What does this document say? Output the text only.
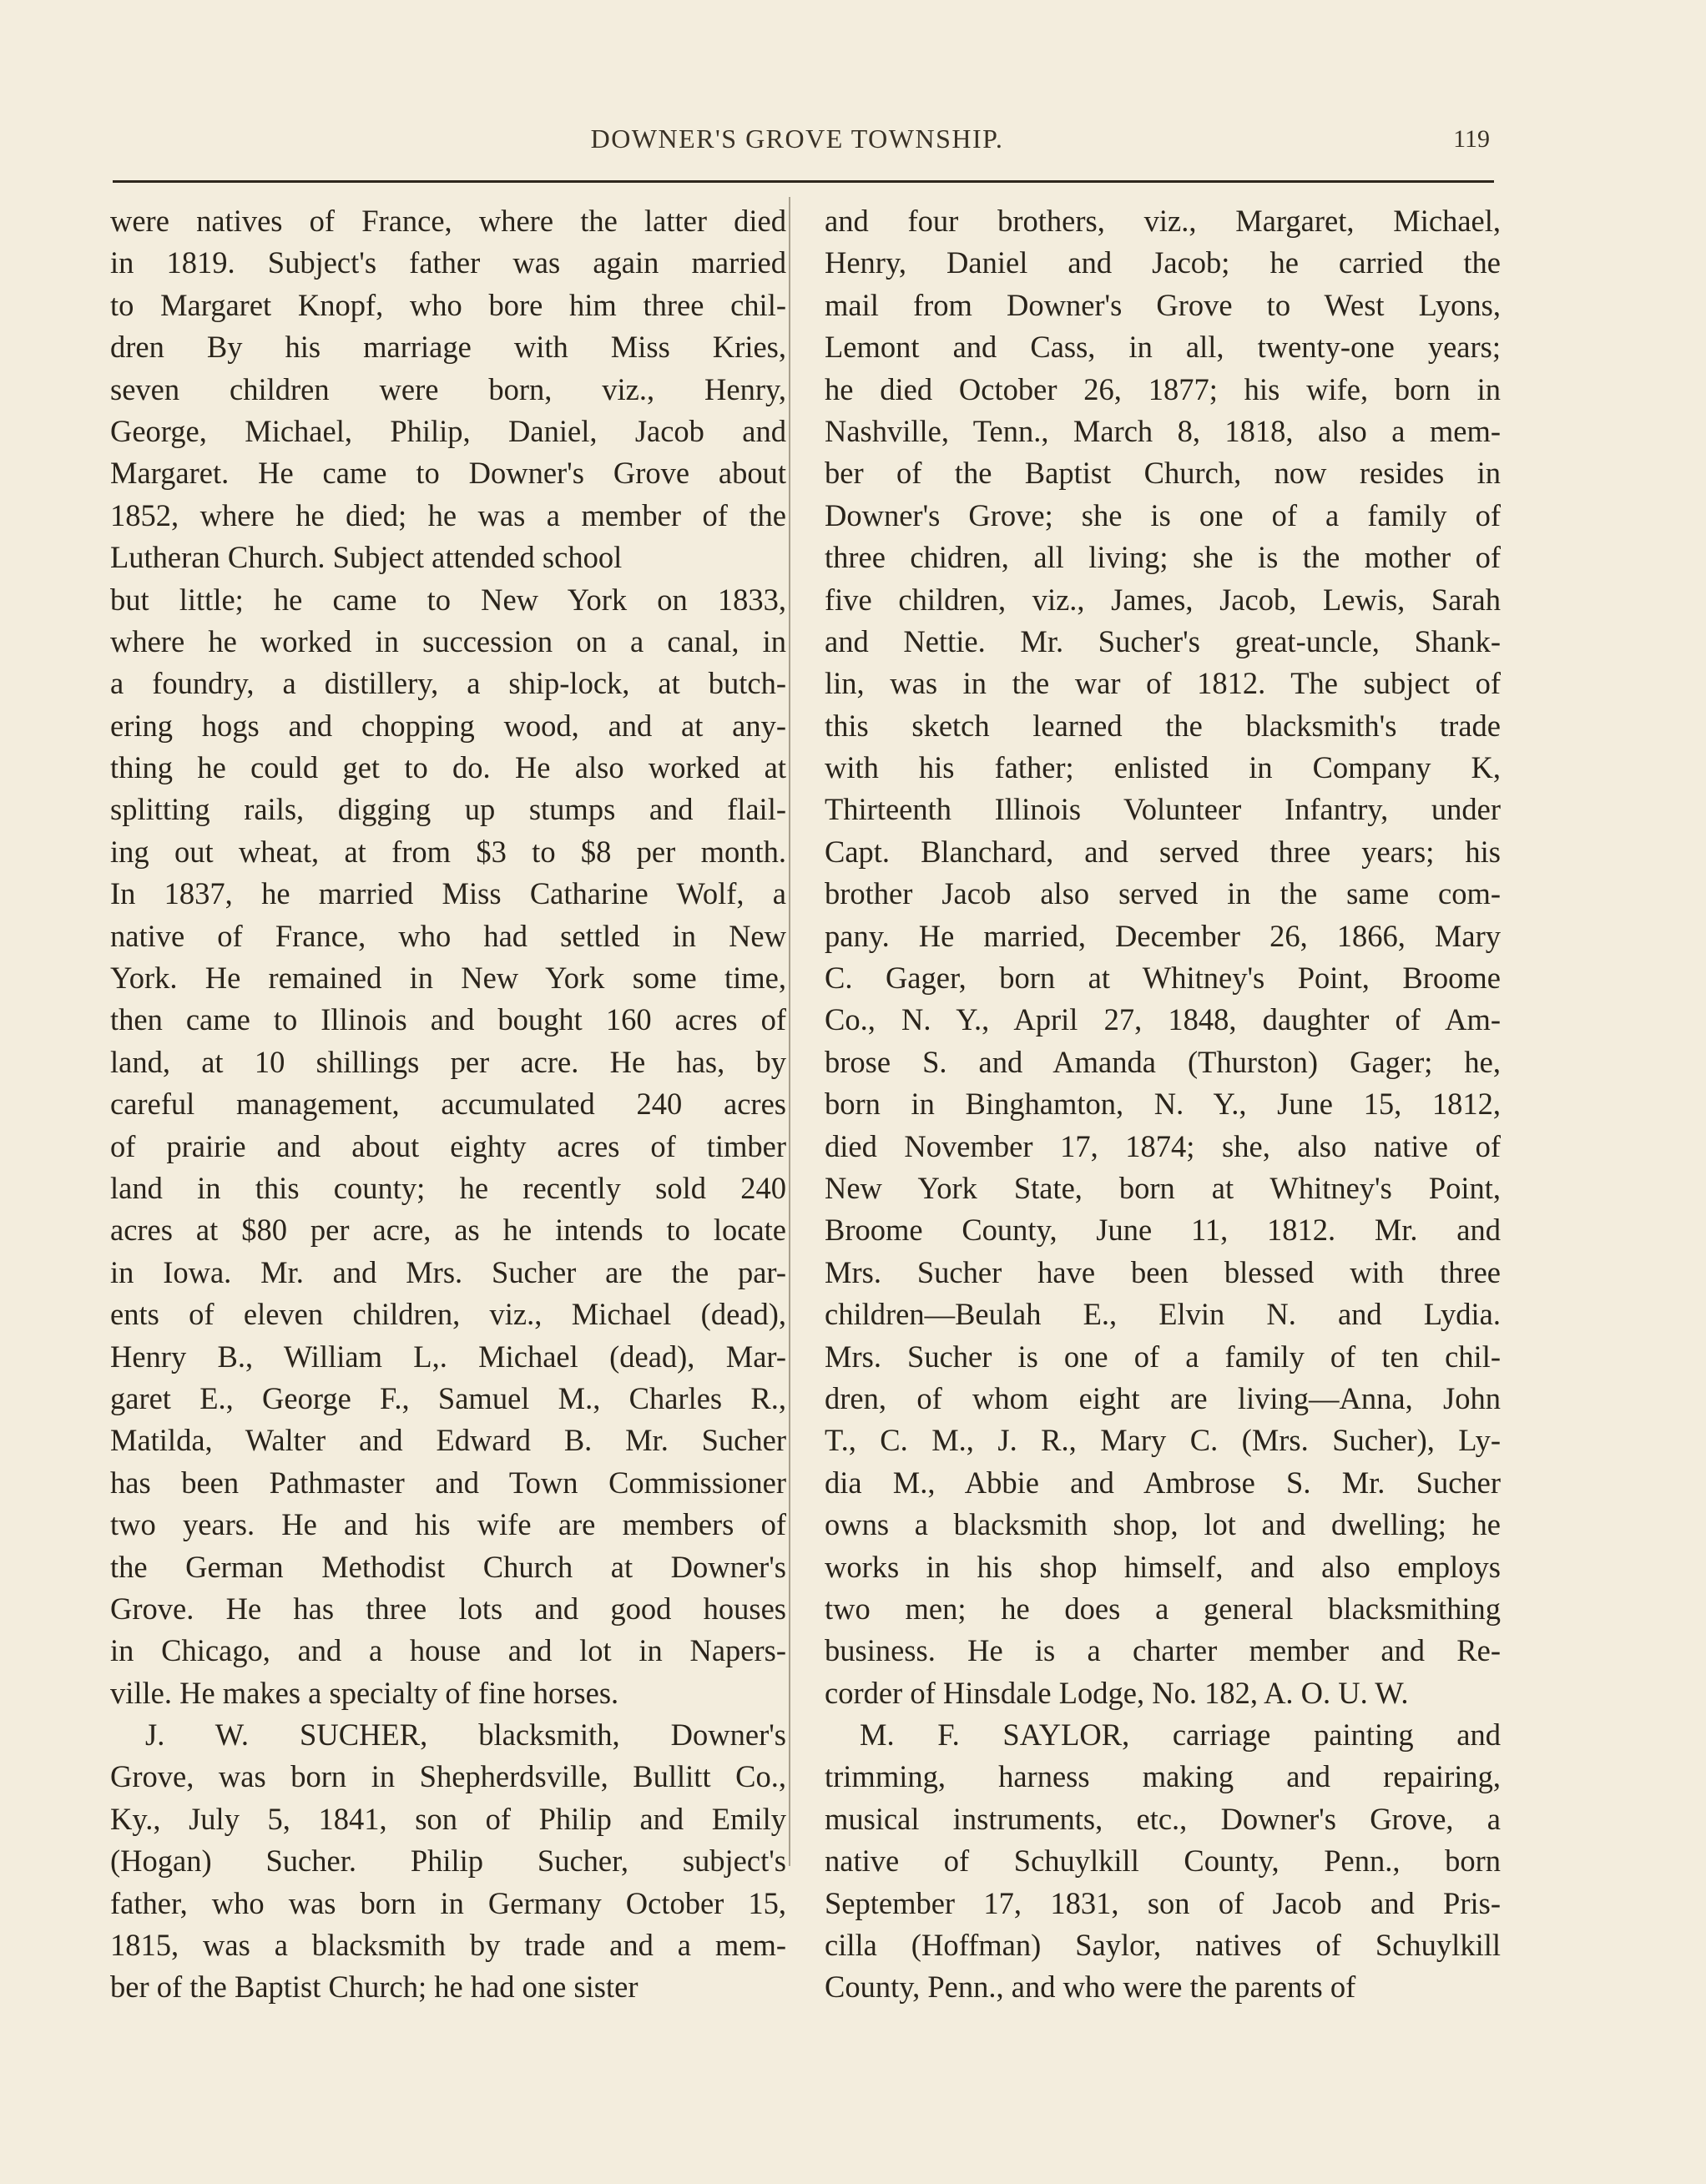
DOWNER'S GROVE TOWNSHIP.	119
were natives of France, where the latter died
in 1819. Subject's father was again married
to Margaret Knopf, who bore him three chil-
dren By his marriage with Miss Kries,
seven children were born, viz., Henry,
George, Michael, Philip, Daniel, Jacob and
Margaret. He came to Downer's Grove about
1852, where he died; he was a member of the
Lutheran Church. Subject attended school
but little; he came to New York on 1833,
where he worked in succession on a canal, in
a foundry, a distillery, a ship-lock, at butch-
ering hogs and chopping wood, and at any-
thing he could get to do. He also worked at
splitting rails, digging up stumps and flail-
ing out wheat, at from $3 to $8 per month.
In 1837, he married Miss Catharine Wolf, a
native of France, who had settled in New
York. He remained in New York some time,
then came to Illinois and bought 160 acres of
land, at 10 shillings per acre. He has, by
careful management, accumulated 240 acres
of prairie and about eighty acres of timber
land in this county; he recently sold 240
acres at $80 per acre, as he intends to locate
in Iowa. Mr. and Mrs. Sucher are the par-
ents of eleven children, viz., Michael (dead),
Henry B., William L,. Michael (dead), Mar-
garet E., George F., Samuel M., Charles R.,
Matilda, Walter and Edward B. Mr. Sucher
has been Pathmaster and Town Commissioner
two years. He and his wife are members of
the German Methodist Church at Downer's
Grove. He has three lots and good houses
in Chicago, and a house and lot in Napers-
ville. He makes a specialty of fine horses.
J. W. SUCHER, blacksmith, Downer's
Grove, was born in Shepherdsville, Bullitt Co.,
Ky., July 5, 1841, son of Philip and Emily
(Hogan) Sucher. Philip Sucher, subject's
father, who was born in Germany October 15,
1815, was a blacksmith by trade and a mem-
ber of the Baptist Church; he had one sister
and four brothers, viz., Margaret, Michael,
Henry, Daniel and Jacob; he carried the
mail from Downer's Grove to West Lyons,
Lemont and Cass, in all, twenty-one years;
he died October 26, 1877; his wife, born in
Nashville, Tenn., March 8, 1818, also a mem-
ber of the Baptist Church, now resides in
Downer's Grove; she is one of a family of
three chidren, all living; she is the mother of
five children, viz., James, Jacob, Lewis, Sarah
and Nettie. Mr. Sucher's great-uncle, Shank-
lin, was in the war of 1812. The subject of
this sketch learned the blacksmith's trade
with his father; enlisted in Company K,
Thirteenth Illinois Volunteer Infantry, under
Capt. Blanchard, and served three years; his
brother Jacob also served in the same com-
pany. He married, December 26, 1866, Mary
C. Gager, born at Whitney's Point, Broome
Co., N. Y., April 27, 1848, daughter of Am-
brose S. and Amanda (Thurston) Gager; he,
born in Binghamton, N. Y., June 15, 1812,
died November 17, 1874; she, also native of
New York State, born at Whitney's Point,
Broome County, June 11, 1812. Mr. and
Mrs. Sucher have been blessed with three
children—Beulah E., Elvin N. and Lydia.
Mrs. Sucher is one of a family of ten chil-
dren, of whom eight are living—Anna, John
T., C. M., J. R., Mary C. (Mrs. Sucher), Ly-
dia M., Abbie and Ambrose S. Mr. Sucher
owns a blacksmith shop, lot and dwelling; he
works in his shop himself, and also employs
two men; he does a general blacksmithing
business. He is a charter member and Re-
corder of Hinsdale Lodge, No. 182, A. O. U. W.
M. F. SAYLOR, carriage painting and
trimming, harness making and repairing,
musical instruments, etc., Downer's Grove, a
native of Schuylkill County, Penn., born
September 17, 1831, son of Jacob and Pris-
cilla (Hoffman) Saylor, natives of Schuylkill
County, Penn., and who were the parents of
